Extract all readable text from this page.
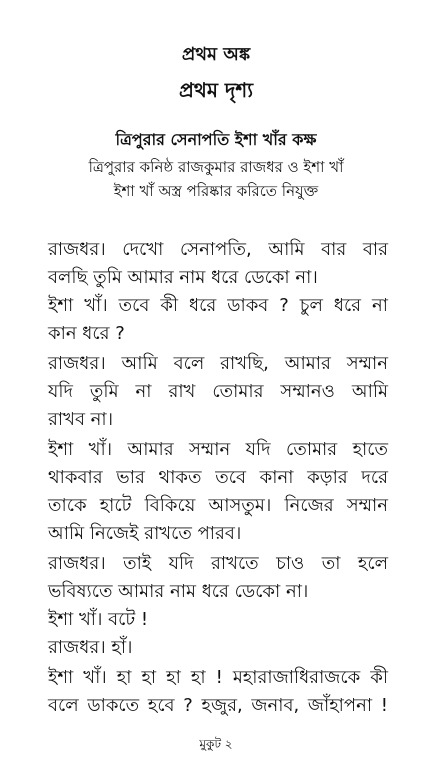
প্রথম অঙ্ক
প্রথম দৃশ্য
ত্রিপুরার সেনাপতি ইশা খাঁর কক্ষ
ত্রিপুরার কনিষ্ঠ রাজকুমার রাজধর ও ইশা খাঁ
ইশা খাঁ অস্ত্র পরিষ্কার করিতে নিযুক্ত
রাজধর। দেখো সেনাপতি, আমি বার বার
বলছি তুমি আমার নাম ধরে ডেকো না।
ইশা খাঁ। তবে কী ধরে ডাকব ? চুল ধরে না
কান ধরে ?
রাজধর। আমি বলে রাখছি, আমার সম্মান
যদি তুমি না রাখ তোমার সম্মানও আমি
রাখব না।
ইশা খাঁ। আমার সম্মান যদি তোমার হাতে
থাকবার ভার থাকত তবে কানা কড়ার দরে
তাকে হাটে বিকিয়ে আসতুম। নিজের সম্মান
আমি নিজেই রাখতে পারব।
রাজধর। তাই যদি রাখতে চাও তা হলে
ভবিষ্যতে আমার নাম ধরে ডেকো না।
ইশা খাঁ। বটে !
রাজধর। হাঁ।
ইশা খাঁ। হা হা হা হা ! মহারাজাধিরাজকে কী
বলে ডাকতে হবে ? হজুর, জনাব, জাঁহাপনা !
মুকুট ২
